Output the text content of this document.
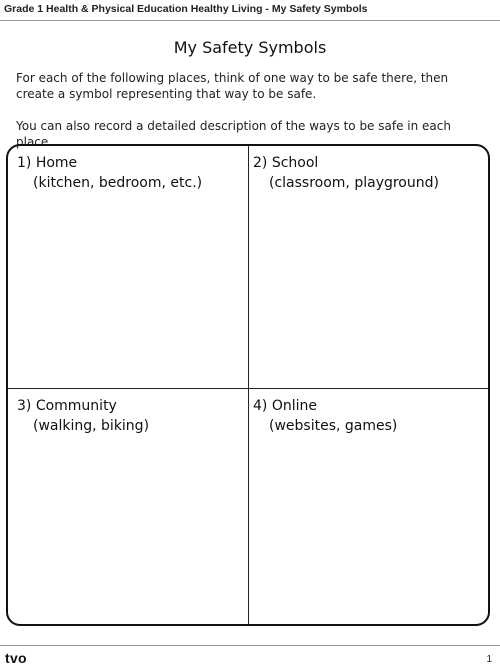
Grade 1 Health & Physical Education Healthy Living - My Safety Symbols
My Safety Symbols

For each of the following places, think of one way to be safe there, then create a symbol representing that way to be safe.

You can also record a detailed description of the ways to be safe in each place.

1) Home
(kitchen, bedroom, etc.)
2) School
(classroom, playground)
3) Community
(walking, biking)
4) Online
(websites, games)
tvo	1
